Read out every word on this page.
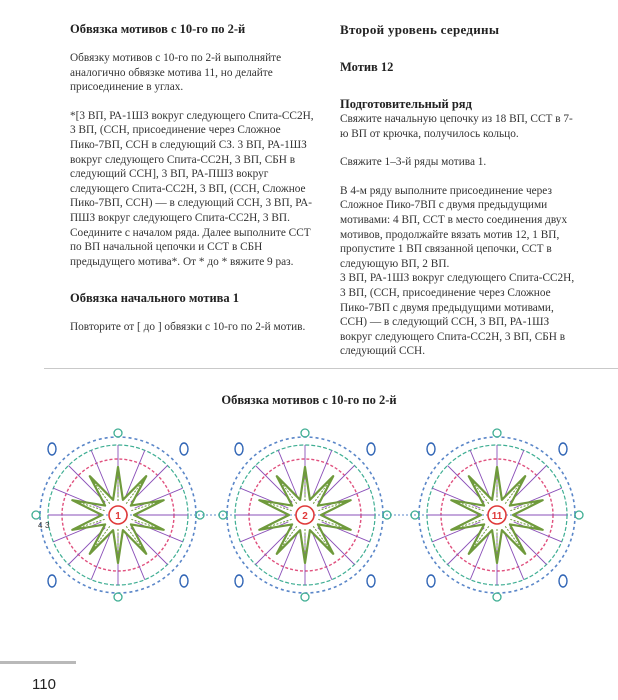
Обвязка мотивов с 10-го по 2-й

Обвязку мотивов с 10-го по 2-й выполняйте аналогично обвязке мотива 11, но делайте присоединение в углах.

*[3 ВП, РА-1ШЗ вокруг следующего Спита-СС2Н, 3 ВП, (ССН, присоединение через Сложное Пико-7ВП, ССН в следующий СЗ. 3 ВП, РА-1ШЗ вокруг следующего Спита-СС2Н, 3 ВП, СБН в следующий ССН], 3 ВП, РА-ПШЗ вокруг следующего Спита-СС2Н, 3 ВП, (ССН, Сложное Пико-7ВП, ССН) — в следующий ССН, 3 ВП, РА-ПШЗ вокруг следующего Спита-СС2Н, 3 ВП. Соедините с началом ряда. Далее выполните ССТ по ВП начальной цепочки и ССТ в СБН предыдущего мотива*. От * до * вяжите 9 раз.

Обвязка начального мотива 1

Повторите от [ до ] обвязки с 10-го по 2-й мотив.

Второй уровень середины
Мотив 12
Подготовительный ряд

Свяжите начальную цепочку из 18 ВП, ССТ в 7-ю ВП от крючка, получилось кольцо.

Свяжите 1–3-й ряды мотива 1.

В 4-м ряду выполните присоединение через Сложное Пико-7ВП с двумя предыдущими мотивами: 4 ВП, ССТ в место соединения двух мотивов, продолжайте вязать мотив 12, 1 ВП, пропустите 1 ВП связанной цепочки, ССТ в следующую ВП, 2 ВП.

3 ВП, РА-1ШЗ вокруг следующего Спита-СС2Н, 3 ВП, (ССН, присоединение через Сложное Пико-7ВП с двумя предыдущими мотивами, ССН) — в следующий ССН, 3 ВП, РА-1ШЗ вокруг следующего Спита-СС2Н, 3 ВП, СБН в следующий ССН.

Обвязка мотивов с 10-го по 2-й
1	2	11
4 3
110
